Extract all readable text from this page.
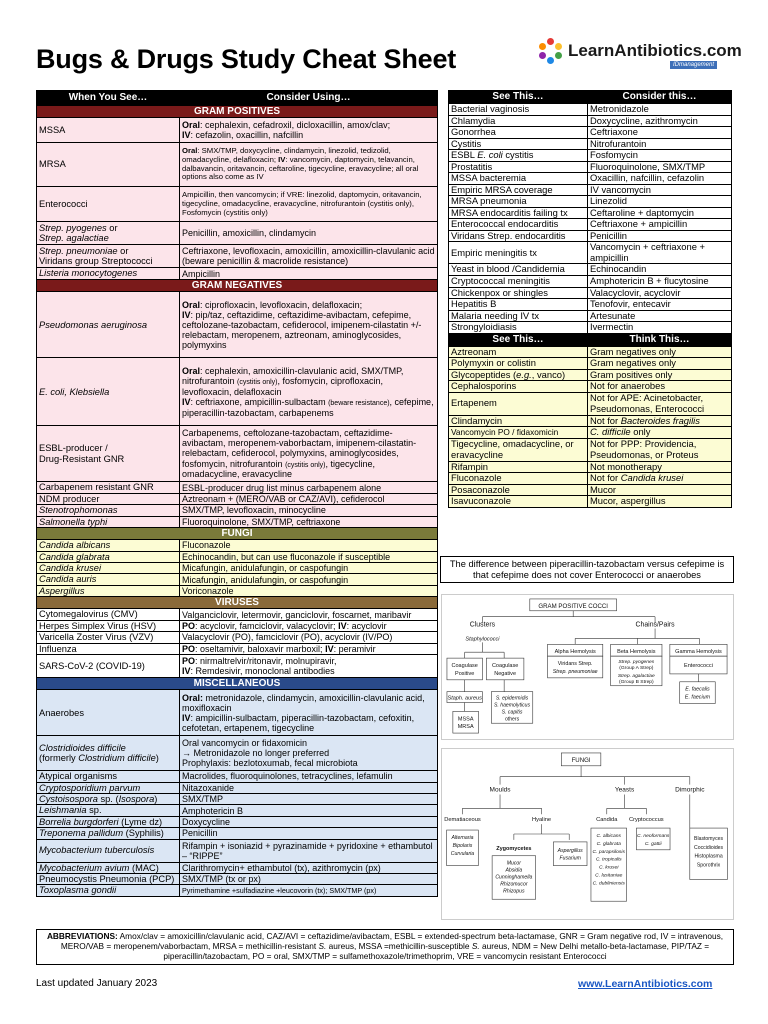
Bugs & Drugs Study Cheat Sheet	LearnAntibiotics.com
IDmanagement
When You See…	Consider Using…
GRAM POSITIVES	
MSSA	Oral: cephalexin, cefadroxil, dicloxacillin, amox/clav;
IV: cefazolin, oxacillin, nafcillin
MRSA	Oral: SMX/TMP, doxycycline, clindamycin, linezolid, tedizolid, omadacycline, delafloxacin; IV: vancomycin, daptomycin, telavancin, dalbavancin, oritavancin, ceftaroline, tigecycline, eravacycline; all oral options also come as IV
Enterococci	Ampicillin, then vancomycin; if VRE: linezolid, daptomycin, oritavancin, tigecycline, omadacycline, eravacycline, nitrofurantoin (cystitis only), Fosfomycin (cystitis only)
Strep. pyogenes or
Strep. agalactiae	Penicillin, amoxicillin, clindamycin
Strep. pneumoniae or
Viridans group Streptococci	Ceftriaxone, levofloxacin, amoxicillin, amoxicillin-clavulanic acid (beware penicillin & macrolide resistance)
Listeria monocytogenes	Ampicillin
GRAM NEGATIVES	
Pseudomonas aeruginosa	Oral: ciprofloxacin, levofloxacin, delafloxacin;
IV: pip/taz, ceftazidime, ceftazidime-avibactam, cefepime, ceftolozane-tazobactam, cefiderocol, imipenem-cilastatin +/- relebactam, meropenem, aztreonam, aminoglycosides, polymyxins
E. coli, Klebsiella	Oral: cephalexin, amoxicillin-clavulanic acid, SMX/TMP, nitrofurantoin (cystitis only), fosfomycin, ciprofloxacin, levofloxacin, delafloxacin
IV: ceftriaxone, ampicillin-sulbactam (beware resistance), cefepime, piperacillin-tazobactam, carbapenems
ESBL-producer /
Drug-Resistant GNR	Carbapenems, ceftolozane-tazobactam, ceftazidime-avibactam, meropenem-vaborbactam, imipenem-cilastatin-relebactam, cefiderocol, polymyxins, aminoglycosides, fosfomycin, nitrofurantoin (cystitis only), tigecycline, omadacycline, eravacycline
Carbapenem resistant GNR	ESBL-producer drug list minus carbapenem alone
NDM producer	Aztreonam + (MERO/VAB or CAZ/AVI), cefiderocol
Stenotrophomonas	SMX/TMP, levofloxacin, minocycline
Salmonella typhi	Fluoroquinolone, SMX/TMP, ceftriaxone
FUNGI	
Candida albicans	Fluconazole
Candida glabrata	Echinocandin, but can use fluconazole if susceptible
Candida krusei	Micafungin, anidulafungin, or caspofungin
Candida auris	Micafungin, anidulafungin, or caspofungin
Aspergillus	Voriconazole
VIRUSES	
Cytomegalovirus (CMV)	Valganciclovir, letermovir, ganciclovir, foscarnet, maribavir
Herpes Simplex Virus (HSV)	PO: acyclovir, famciclovir, valacyclovir; IV: acyclovir
Varicella Zoster Virus (VZV)	Valacyclovir (PO), famciclovir (PO), acyclovir (IV/PO)
Influenza	PO: oseltamivir, baloxavir marboxil; IV: peramivir
SARS-CoV-2 (COVID-19)	PO: nirmaltrelvir/ritonavir, molnupiravir,
IV: Remdesivir, monoclonal antibodies
MISCELLANEOUS	
Anaerobes	Oral: metronidazole, clindamycin, amoxicillin-clavulanic acid, moxifloxacin
IV: ampicillin-sulbactam, piperacillin-tazobactam, cefoxitin, cefotetan, ertapenem, tigecycline
Clostridioides difficile
(formerly Clostridium difficile)	Oral vancomycin or fidaxomicin
→ Metronidazole no longer preferred
Prophylaxis: bezlotoxumab, fecal microbiota
Atypical organisms	Macrolides, fluoroquinolones, tetracyclines, lefamulin
Cryptosporidium parvum	Nitazoxanide
Cystoisospora sp. (Isospora)	SMX/TMP
Leishmania sp.	Amphotericin B
Borrelia burgdorferi (Lyme dz)	Doxycycline
Treponema pallidum (Syphilis)	Penicillin
Mycobacterium tuberculosis	Rifampin + isoniazid + pyrazinamide + pyridoxine + ethambutol – “RIPPE”
Mycobacterium avium (MAC)	Clarithromycin+ ethambutol (tx), azithromycin (px)
Pneumocystis Pneumonia (PCP)	SMX/TMP (tx or px)
Toxoplasma gondii	Pyrimethamine +sulfadiazine +leucovorin (tx); SMX/TMP (px)
See This…	Consider this…
Bacterial vaginosis	Metronidazole
Chlamydia	Doxycycline, azithromycin
Gonorrhea	Ceftriaxone
Cystitis	Nitrofurantoin
ESBL E. coli cystitis	Fosfomycin
Prostatitis	Fluoroquinolone, SMX/TMP
MSSA bacteremia	Oxacillin, nafcillin, cefazolin
Empiric MRSA coverage	IV vancomycin
MRSA pneumonia	Linezolid
MRSA endocarditis failing tx	Ceftaroline + daptomycin
Enterococcal endocarditis	Ceftriaxone + ampicillin
Viridans Strep. endocarditis	Penicillin
Empiric meningitis tx	Vancomycin + ceftriaxone + ampicillin
Yeast in blood /Candidemia	Echinocandin
Cryptococcal meningitis	Amphotericin B + flucytosine
Chickenpox or shingles	Valacyclovir, acyclovir
Hepatitis B	Tenofovir, entecavir
Malaria needing IV tx	Artesunate
Strongyloidiasis	Ivermectin
See This…	Think This…
Aztreonam	Gram negatives only
Polymyxin or colistin	Gram negatives only
Glycopeptides (e.g., vanco)	Gram positives only
Cephalosporins	Not for anaerobes
Ertapenem	Not for APE: Acinetobacter, Pseudomonas, Enterococci
Clindamycin	Not for Bacteroides fragilis
Vancomycin PO / fidaxomicin	C. difficile only
Tigecycline, omadacycline, or eravacycline	Not for PPP: Providencia, Pseudomonas, or Proteus
Rifampin	Not monotherapy
Fluconazole	Not for Candida krusei
Posaconazole	Mucor
Isavuconazole	Mucor, aspergillus
The difference between piperacillin-tazobactam versus cefepime is that cefepime does not cover Enterococci or anaerobes
GRAM POSITIVE COCCI
Clusters	Chains/Pairs
Staphylococci
Coagulase
Positive
Coagulase
Negative
Staph. aureus	S. epidermidis
S. haemolyticus
S. capitis
others
MSSA
MRSA
Alpha Hemolysis
Viridans Strep.
Strep. pneumoniae
Beta Hemolysis
Strep. pyogenes
(Group A Strep)
Strep. agalactiae
(Group B Strep)
Gamma Hemolysis
Enterococci
E. faecalis
E. faecium
FUNGI
Moulds	Yeasts	Dimorphic
Dematiaceous	Hyaline	Candida Cryptococcus
Alternaria
Bipolaris
Curvularia
Zygomycetes
Mucor
Absidia
Cunninghamella
Rhizomucor
Rhizopus
Aspergillus
Fusarium
C. albicans
C. glabrata
C. parapsilosis
C. tropicalis
C. krusei
C. lusitaniae
C. dubliniensis
C. neoformans
C. gattii
Blastomyces
Coccidioides
Histoplasma
Sporothrix
ABBREVIATIONS: Amox/clav = amoxicillin/clavulanic acid, CAZ/AVI = ceftazidime/avibactam, ESBL = extended-spectrum beta-lactamase, GNR = Gram negative rod, IV = intravenous, MERO/VAB = meropenem/vaborbactam, MRSA = methicillin-resistant S. aureus, MSSA =methicillin-susceptible S. aureus, NDM = New Delhi metallo-beta-lactamase, PIP/TAZ = piperacillin/tazobactam, PO = oral, SMX/TMP = sulfamethoxazole/trimethoprim, VRE = vancomycin resistant Enterococci
Last updated January 2023	www.LearnAntibiotics.com
